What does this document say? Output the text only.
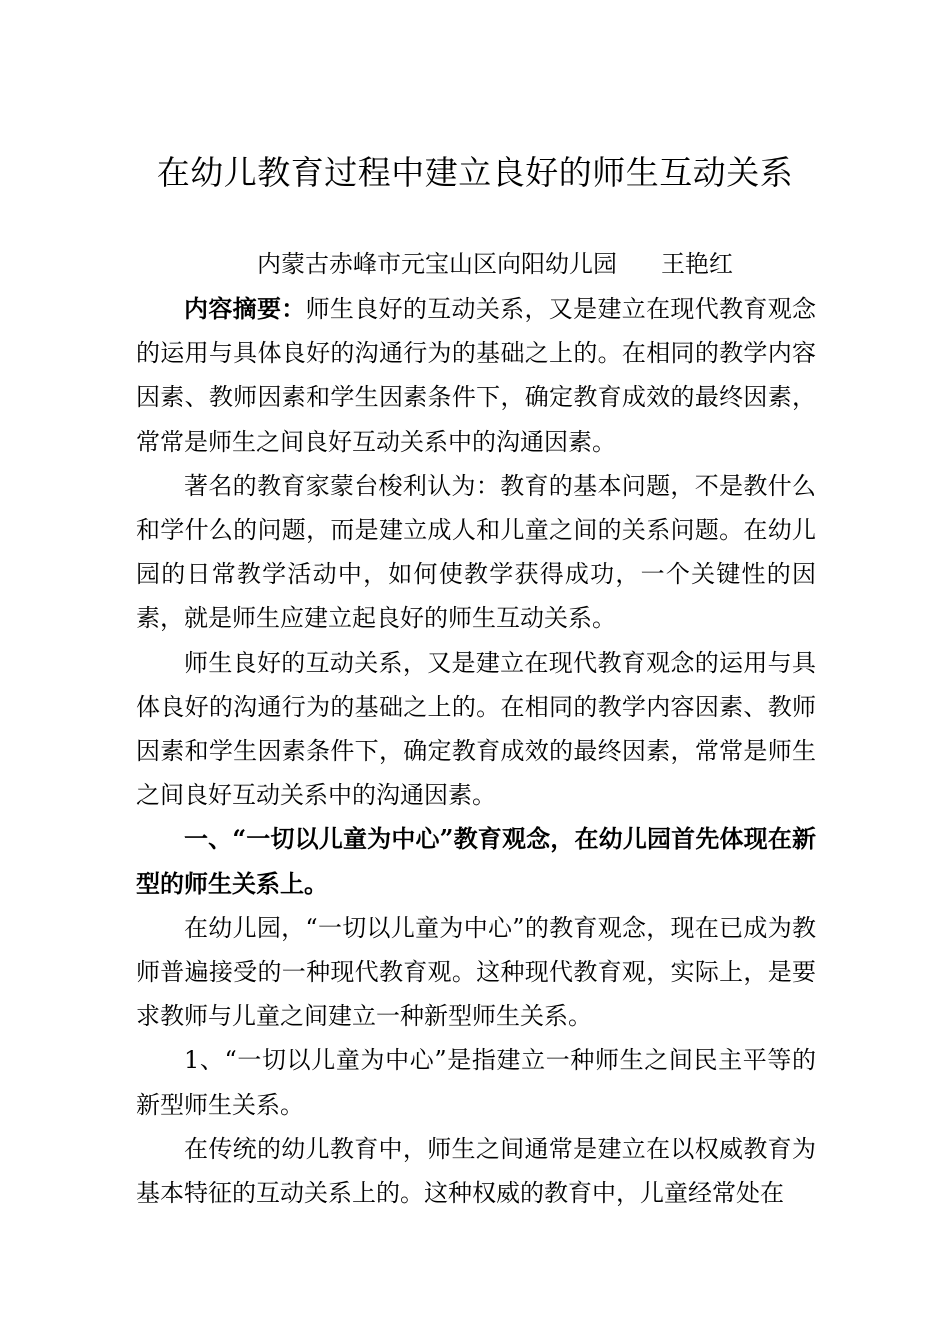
在幼儿教育过程中建立良好的师生互动关系
内蒙古赤峰市元宝山区向阳幼儿园 王艳红

内容摘要：师生良好的互动关系，又是建立在现代教育观念的运用与具体良好的沟通行为的基础之上的。在相同的教学内容因素、教师因素和学生因素条件下，确定教育成效的最终因素，常常是师生之间良好互动关系中的沟通因素。

著名的教育家蒙台梭利认为：教育的基本问题，不是教什么和学什么的问题，而是建立成人和儿童之间的关系问题。在幼儿园的日常教学活动中，如何使教学获得成功，一个关键性的因素，就是师生应建立起良好的师生互动关系。

师生良好的互动关系，又是建立在现代教育观念的运用与具体良好的沟通行为的基础之上的。在相同的教学内容因素、教师因素和学生因素条件下，确定教育成效的最终因素，常常是师生之间良好互动关系中的沟通因素。

一、“一切以儿童为中心”教育观念，在幼儿园首先体现在新型的师生关系上。

在幼儿园，“一切以儿童为中心”的教育观念，现在已成为教师普遍接受的一种现代教育观。这种现代教育观，实际上，是要求教师与儿童之间建立一种新型师生关系。

1、“一切以儿童为中心”是指建立一种师生之间民主平等的新型师生关系。

在传统的幼儿教育中，师生之间通常是建立在以权威教育为基本特征的互动关系上的。这种权威的教育中，儿童经常处在
